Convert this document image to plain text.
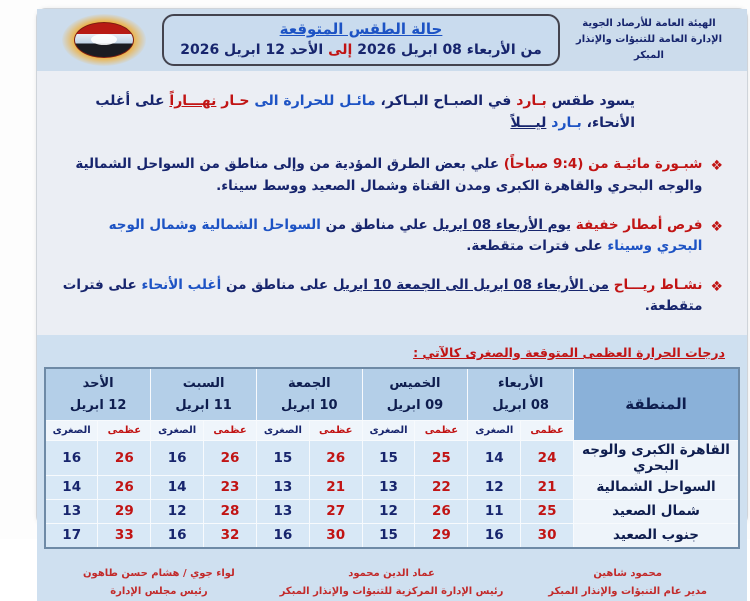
الهيئة العامة للأرصاد الجوية
الإدارة العامة للتنبؤات والإنذار المبكر
حالة الطقس المتوقعة
من الأربعاء 08 ابريل 2026 إلى الأحد 12 ابريل 2026

يسود طقس بـارد في الصبـاح البـاكر، مائـل للحرارة الى حـار نهـــاراً على أغلب الأنحاء، بـارد ليـــلاً

❖
شبـورة مائيـة من (9:4 صباحاً) علي بعض الطرق المؤدية من وإلى مناطق من السواحل الشمالية والوجه البحري والقاهرة الكبرى ومدن القناة وشمال الصعيد ووسط سيناء.
❖
فرص أمطار خفيفة يوم الأربعاء 08 ابريل علي مناطق من السواحل الشمالية وشمال الوجه البحري وسيناء على فترات متقطعة.
❖
نشـاط ريـــاح من الأربعاء 08 ابريل الى الجمعة 10 ابريل على مناطق من أغلب الأنحاء على فترات متقطعة.
درجات الحرارة العظمى المتوقعة والصغرى كالآتي :
المنطقة	
الأربعاء
08 ابريل

الخميس
09 ابريل

الجمعة
10 ابريل

السبت
11 ابريل

الأحد
12 ابريل

	عظمى	الصغرى	عظمى	الصغرى	عظمى	الصغرى	عظمى	الصغرى	عظمى	الصغرى
القاهرة الكبرى والوجه البحري	24	14	25	15	26	15	26	16	26	16
السواحل الشمالية	21	12	22	13	21	13	23	14	26	14
شمال الصعيد	25	11	26	12	27	13	28	12	29	13
جنوب الصعيد	30	16	29	15	30	16	32	16	33	17
محمود شاهين
مدير عام التنبؤات والإنذار المبكر
عماد الدين محمود
رئيس الإدارة المركزية للتنبؤات والإنذار المبكر
لواء جوي / هشام حسن طاهون
رئيس مجلس الإدارة
